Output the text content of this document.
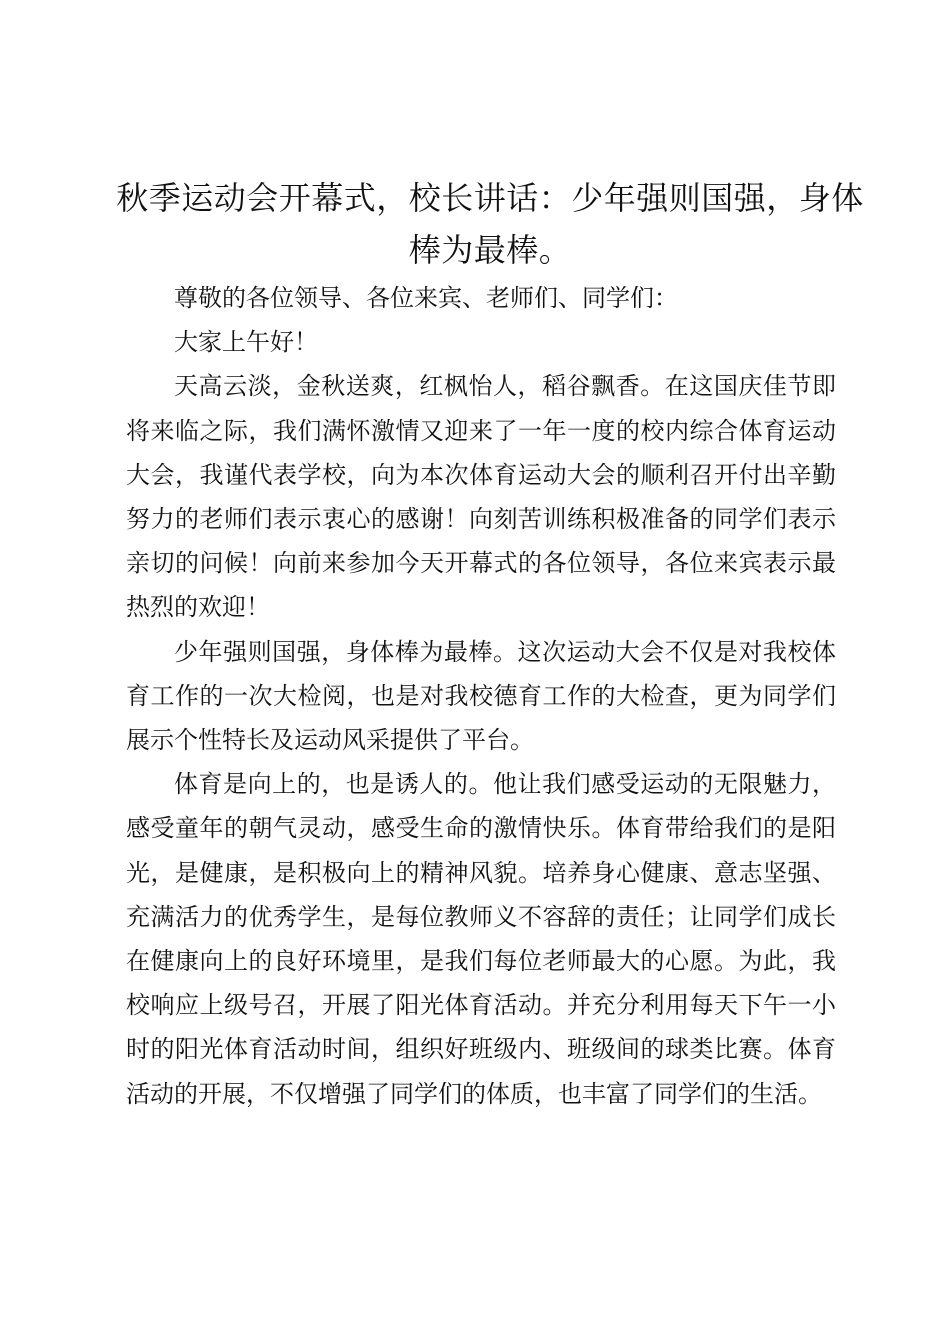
秋季运动会开幕式，校长讲话：少年强则国强，身体棒为最棒。

尊敬的各位领导、各位来宾、老师们、同学们：

大家上午好！

天高云淡，金秋送爽，红枫怡人，稻谷飘香。在这国庆佳节即将来临之际，我们满怀激情又迎来了一年一度的校内综合体育运动大会，我谨代表学校，向为本次体育运动大会的顺利召开付出辛勤努力的老师们表示衷心的感谢！向刻苦训练积极准备的同学们表示亲切的问候！向前来参加今天开幕式的各位领导，各位来宾表示最热烈的欢迎！

少年强则国强，身体棒为最棒。这次运动大会不仅是对我校体育工作的一次大检阅，也是对我校德育工作的大检查，更为同学们展示个性特长及运动风采提供了平台。

体育是向上的，也是诱人的。他让我们感受运动的无限魅力，感受童年的朝气灵动，感受生命的激情快乐。体育带给我们的是阳光，是健康，是积极向上的精神风貌。培养身心健康、意志坚强、充满活力的优秀学生，是每位教师义不容辞的责任；让同学们成长在健康向上的良好环境里，是我们每位老师最大的心愿。为此，我校响应上级号召，开展了阳光体育活动。并充分利用每天下午一小时的阳光体育活动时间，组织好班级内、班级间的球类比赛。体育活动的开展，不仅增强了同学们的体质，也丰富了同学们的生活。
